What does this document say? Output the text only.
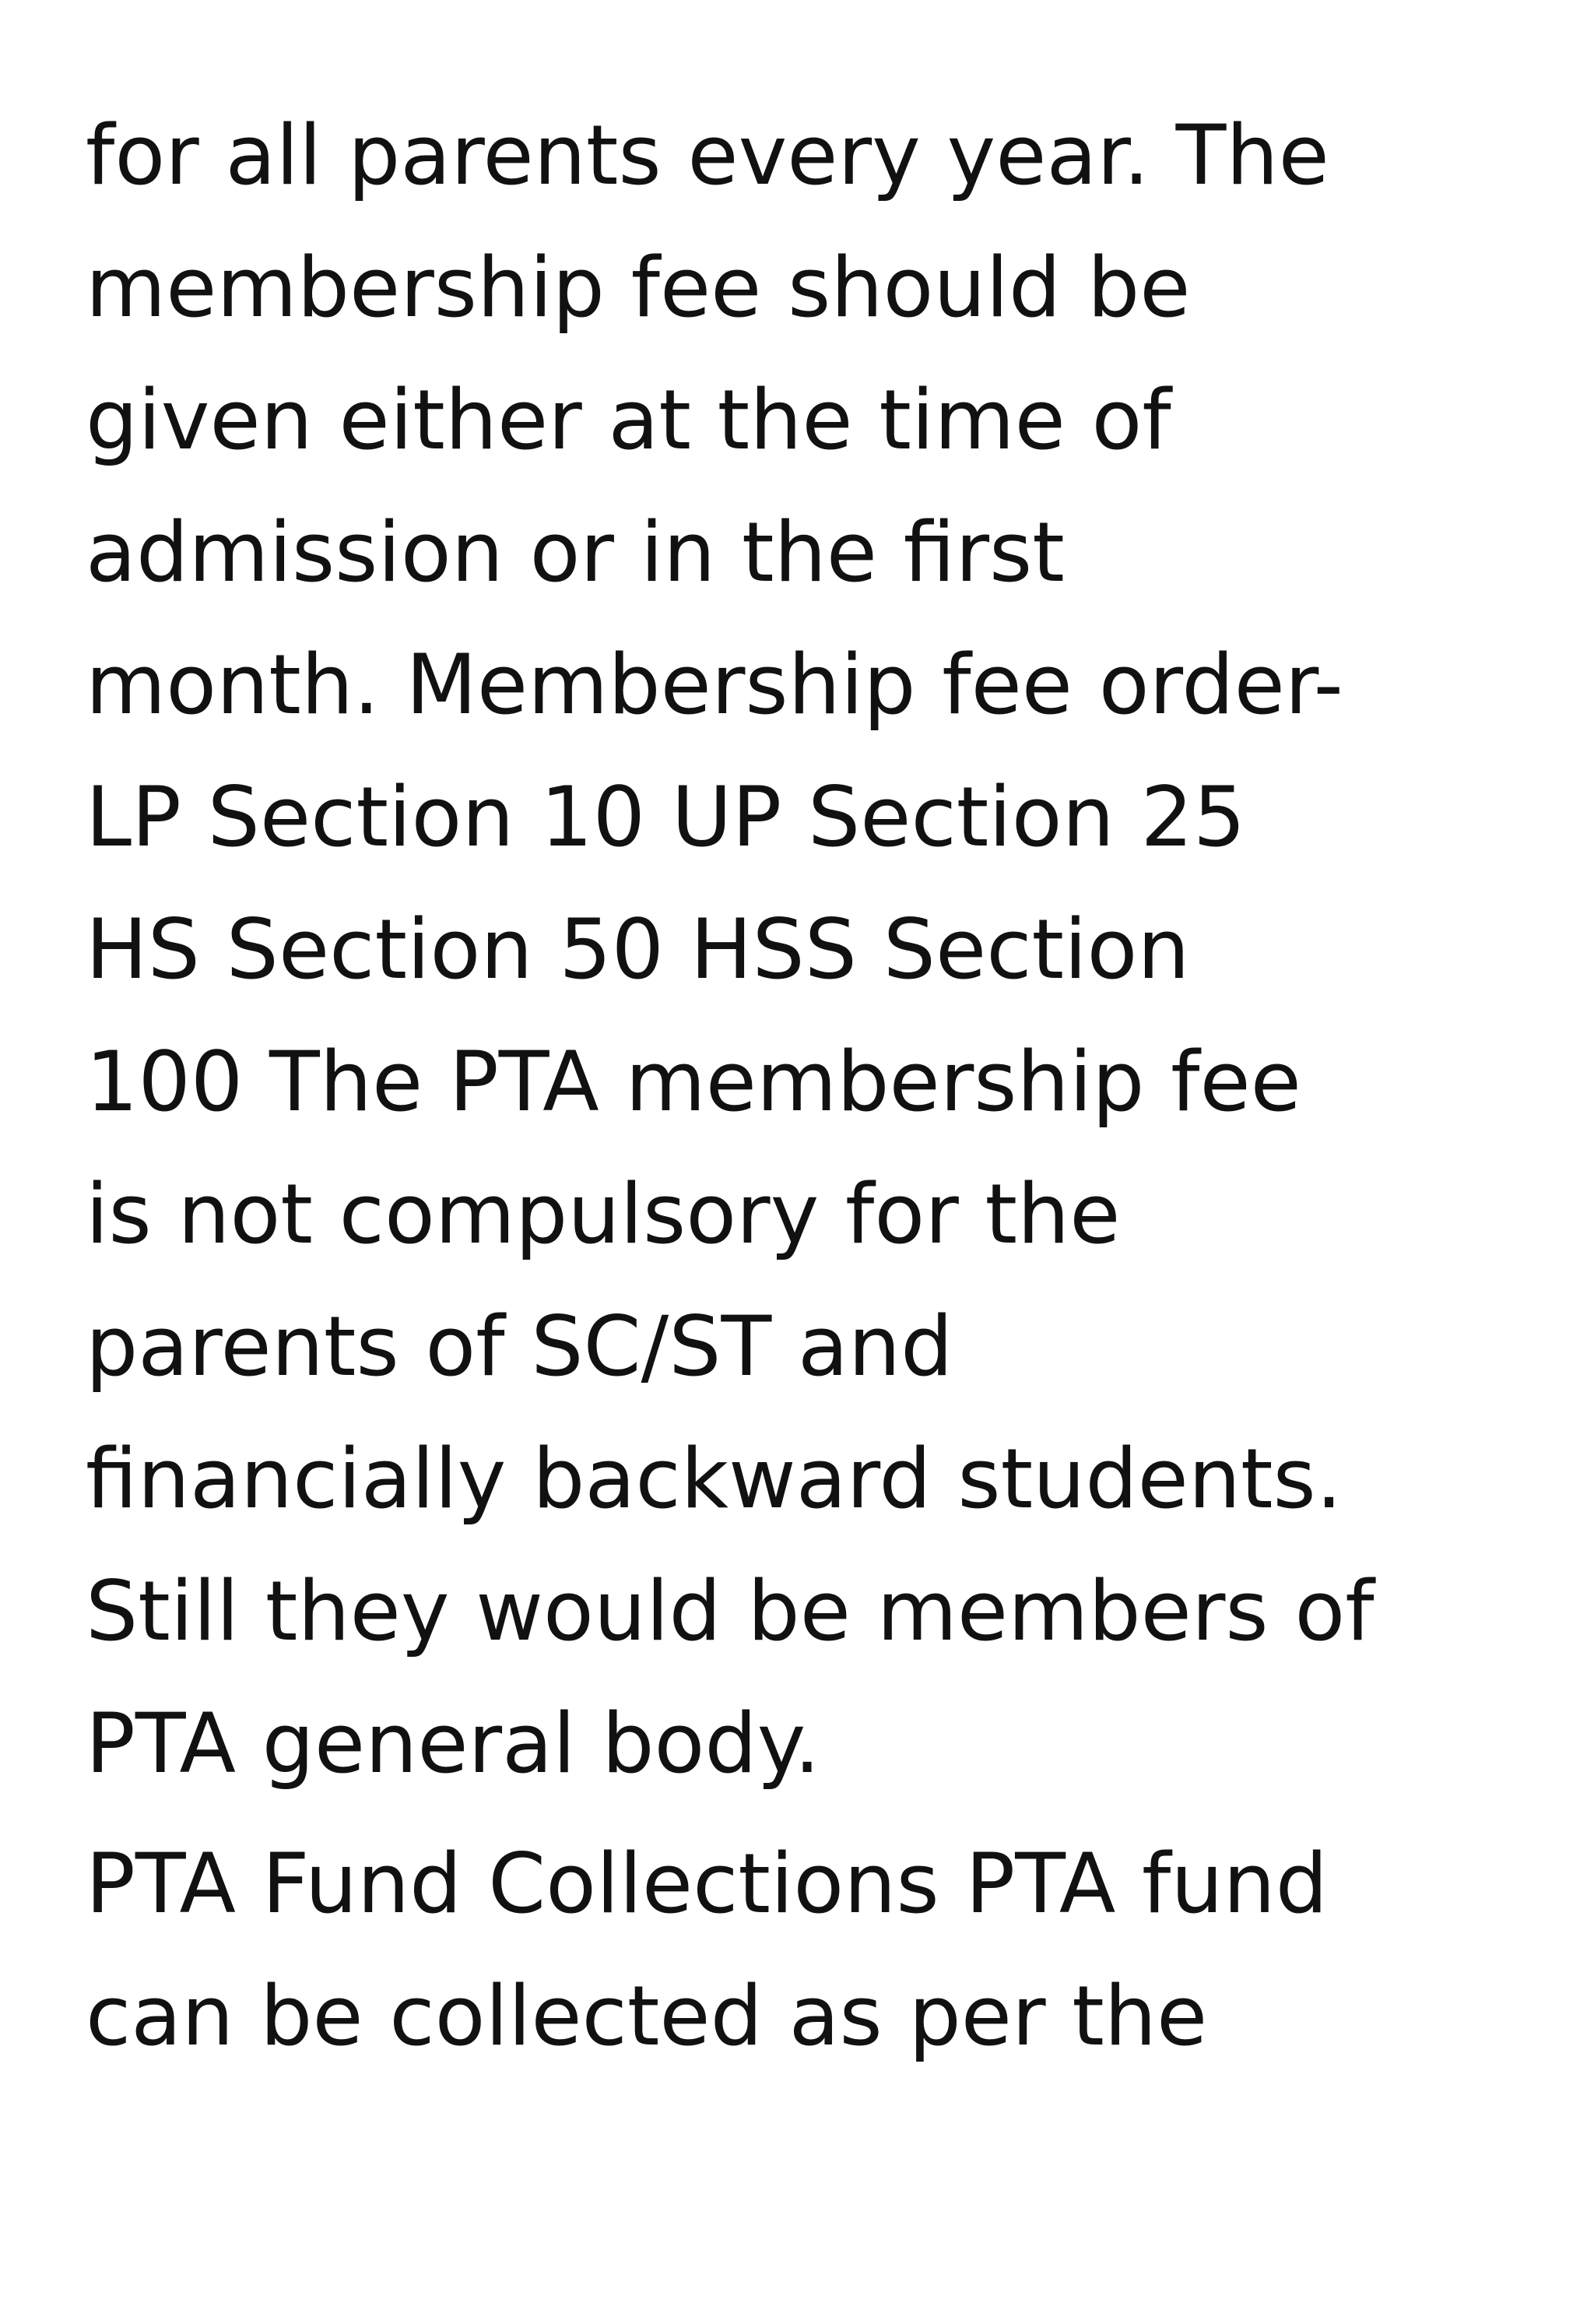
for all parents every year. The
membership fee should be
given either at the time of
admission or in the first
month. Membership fee order-
LP Section 10 UP Section 25
HS Section 50 HSS Section
100 The PTA membership fee
is not compulsory for the
parents of SC/ST and
financially backward students.
Still they would be members of
PTA general body.

PTA Fund Collections PTA fund
can be collected as per the
